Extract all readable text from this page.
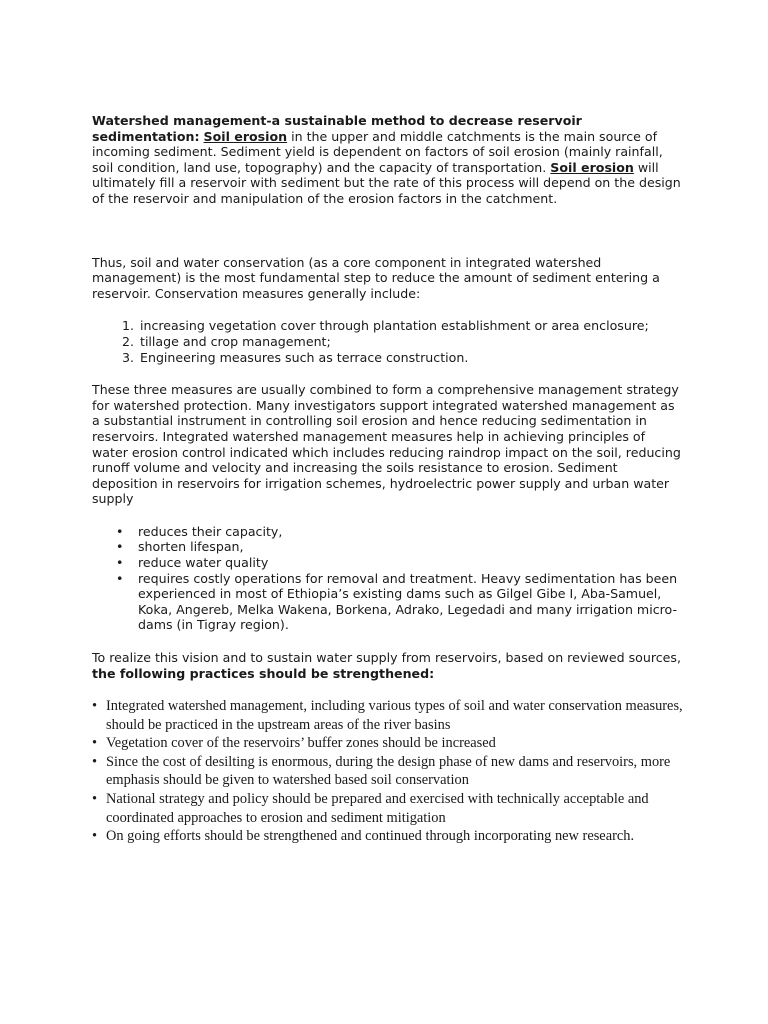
Watershed management-a sustainable method to decrease reservoir sedimentation: Soil erosion in the upper and middle catchments is the main source of incoming sediment. Sediment yield is dependent on factors of soil erosion (mainly rainfall, soil condition, land use, topography) and the capacity of transportation. Soil erosion will ultimately fill a reservoir with sediment but the rate of this process will depend on the design of the reservoir and manipulation of the erosion factors in the catchment.

Thus, soil and water conservation (as a core component in integrated watershed management) is the most fundamental step to reduce the amount of sediment entering a reservoir. Conservation measures generally include:

1. increasing vegetation cover through plantation establishment or area enclosure;
2. tillage and crop management;
3. Engineering measures such as terrace construction.

These three measures are usually combined to form a comprehensive management strategy for watershed protection. Many investigators support integrated watershed management as a substantial instrument in controlling soil erosion and hence reducing sedimentation in reservoirs. Integrated watershed management measures help in achieving principles of water erosion control indicated which includes reducing raindrop impact on the soil, reducing runoff volume and velocity and increasing the soils resistance to erosion. Sediment deposition in reservoirs for irrigation schemes, hydroelectric power supply and urban water supply

• reduces their capacity,
• shorten lifespan,
• reduce water quality
• requires costly operations for removal and treatment. Heavy sedimentation has been experienced in most of Ethiopia’s existing dams such as Gilgel Gibe I, Aba-Samuel, Koka, Angereb, Melka Wakena, Borkena, Adrako, Legedadi and many irrigation micro-dams (in Tigray region).

To realize this vision and to sustain water supply from reservoirs, based on reviewed sources, the following practices should be strengthened:

• Integrated watershed management, including various types of soil and water conservation measures, should be practiced in the upstream areas of the river basins
• Vegetation cover of the reservoirs’ buffer zones should be increased
• Since the cost of desilting is enormous, during the design phase of new dams and reservoirs, more emphasis should be given to watershed based soil conservation
• National strategy and policy should be prepared and exercised with technically acceptable and coordinated approaches to erosion and sediment mitigation
• On going efforts should be strengthened and continued through incorporating new research.
